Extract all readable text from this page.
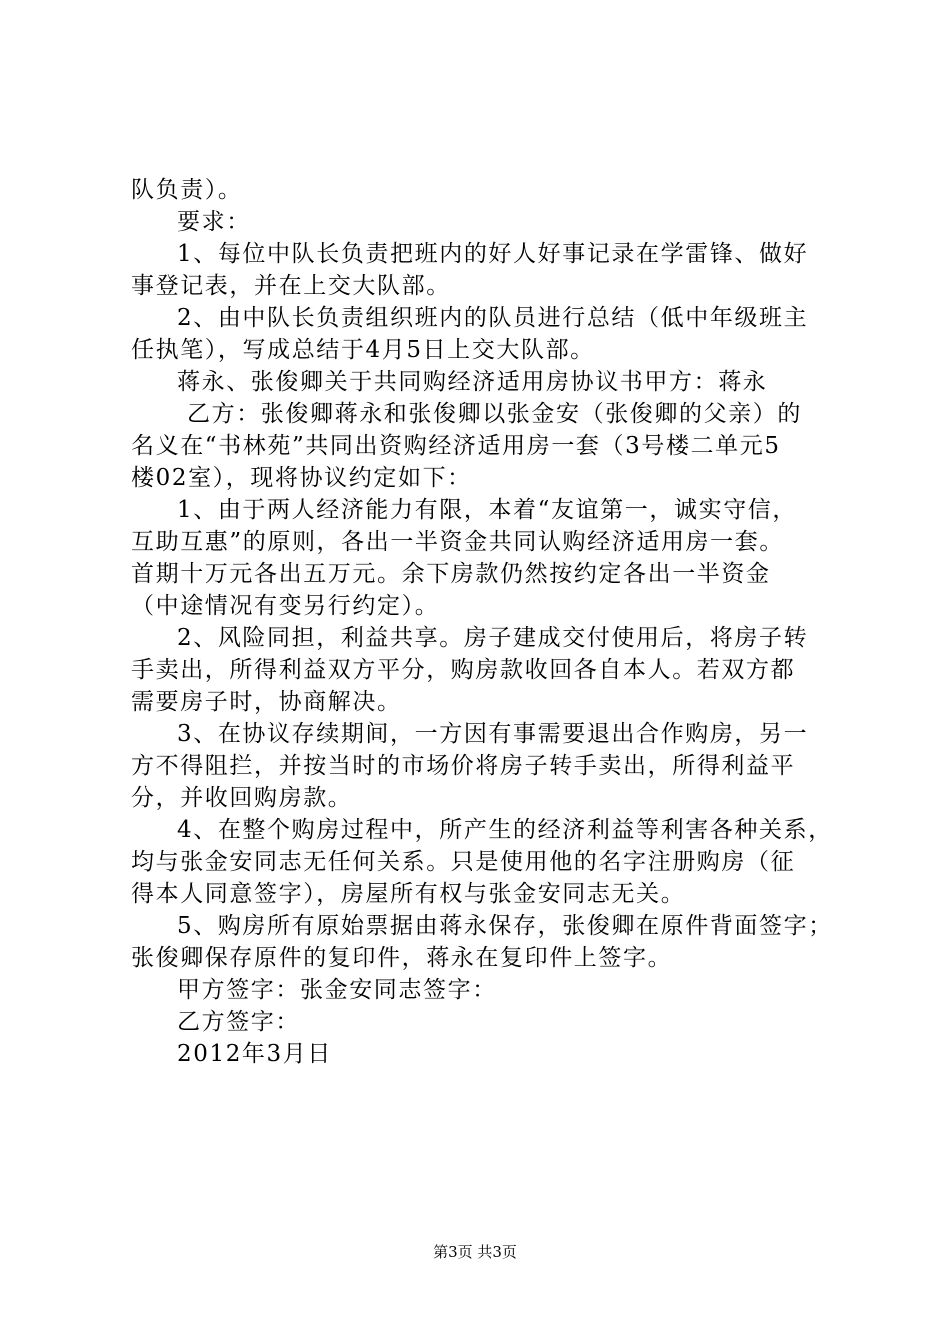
队负责）。
要求：
1、每位中队长负责把班内的好人好事记录在学雷锋、做好
事登记表，并在上交大队部。
2、由中队长负责组织班内的队员进行总结（低中年级班主
任执笔），写成总结于4月5日上交大队部。
蒋永、张俊卿关于共同购经济适用房协议书甲方：蒋永
乙方：张俊卿蒋永和张俊卿以张金安（张俊卿的父亲）的
名义在“书林苑”共同出资购经济适用房一套（3号楼二单元5
楼02室），现将协议约定如下：
1、由于两人经济能力有限，本着“友谊第一，诚实守信，
互助互惠”的原则，各出一半资金共同认购经济适用房一套。
首期十万元各出五万元。余下房款仍然按约定各出一半资金
（中途情况有变另行约定）。
2、风险同担，利益共享。房子建成交付使用后，将房子转
手卖出，所得利益双方平分，购房款收回各自本人。若双方都
需要房子时，协商解决。
3、在协议存续期间，一方因有事需要退出合作购房，另一
方不得阻拦，并按当时的市场价将房子转手卖出，所得利益平
分，并收回购房款。
4、在整个购房过程中，所产生的经济利益等利害各种关系，
均与张金安同志无任何关系。只是使用他的名字注册购房（征
得本人同意签字），房屋所有权与张金安同志无关。
5、购房所有原始票据由蒋永保存，张俊卿在原件背面签字；
张俊卿保存原件的复印件，蒋永在复印件上签字。
甲方签字：张金安同志签字：
乙方签字：
2012年3月日
第3页 共3页
